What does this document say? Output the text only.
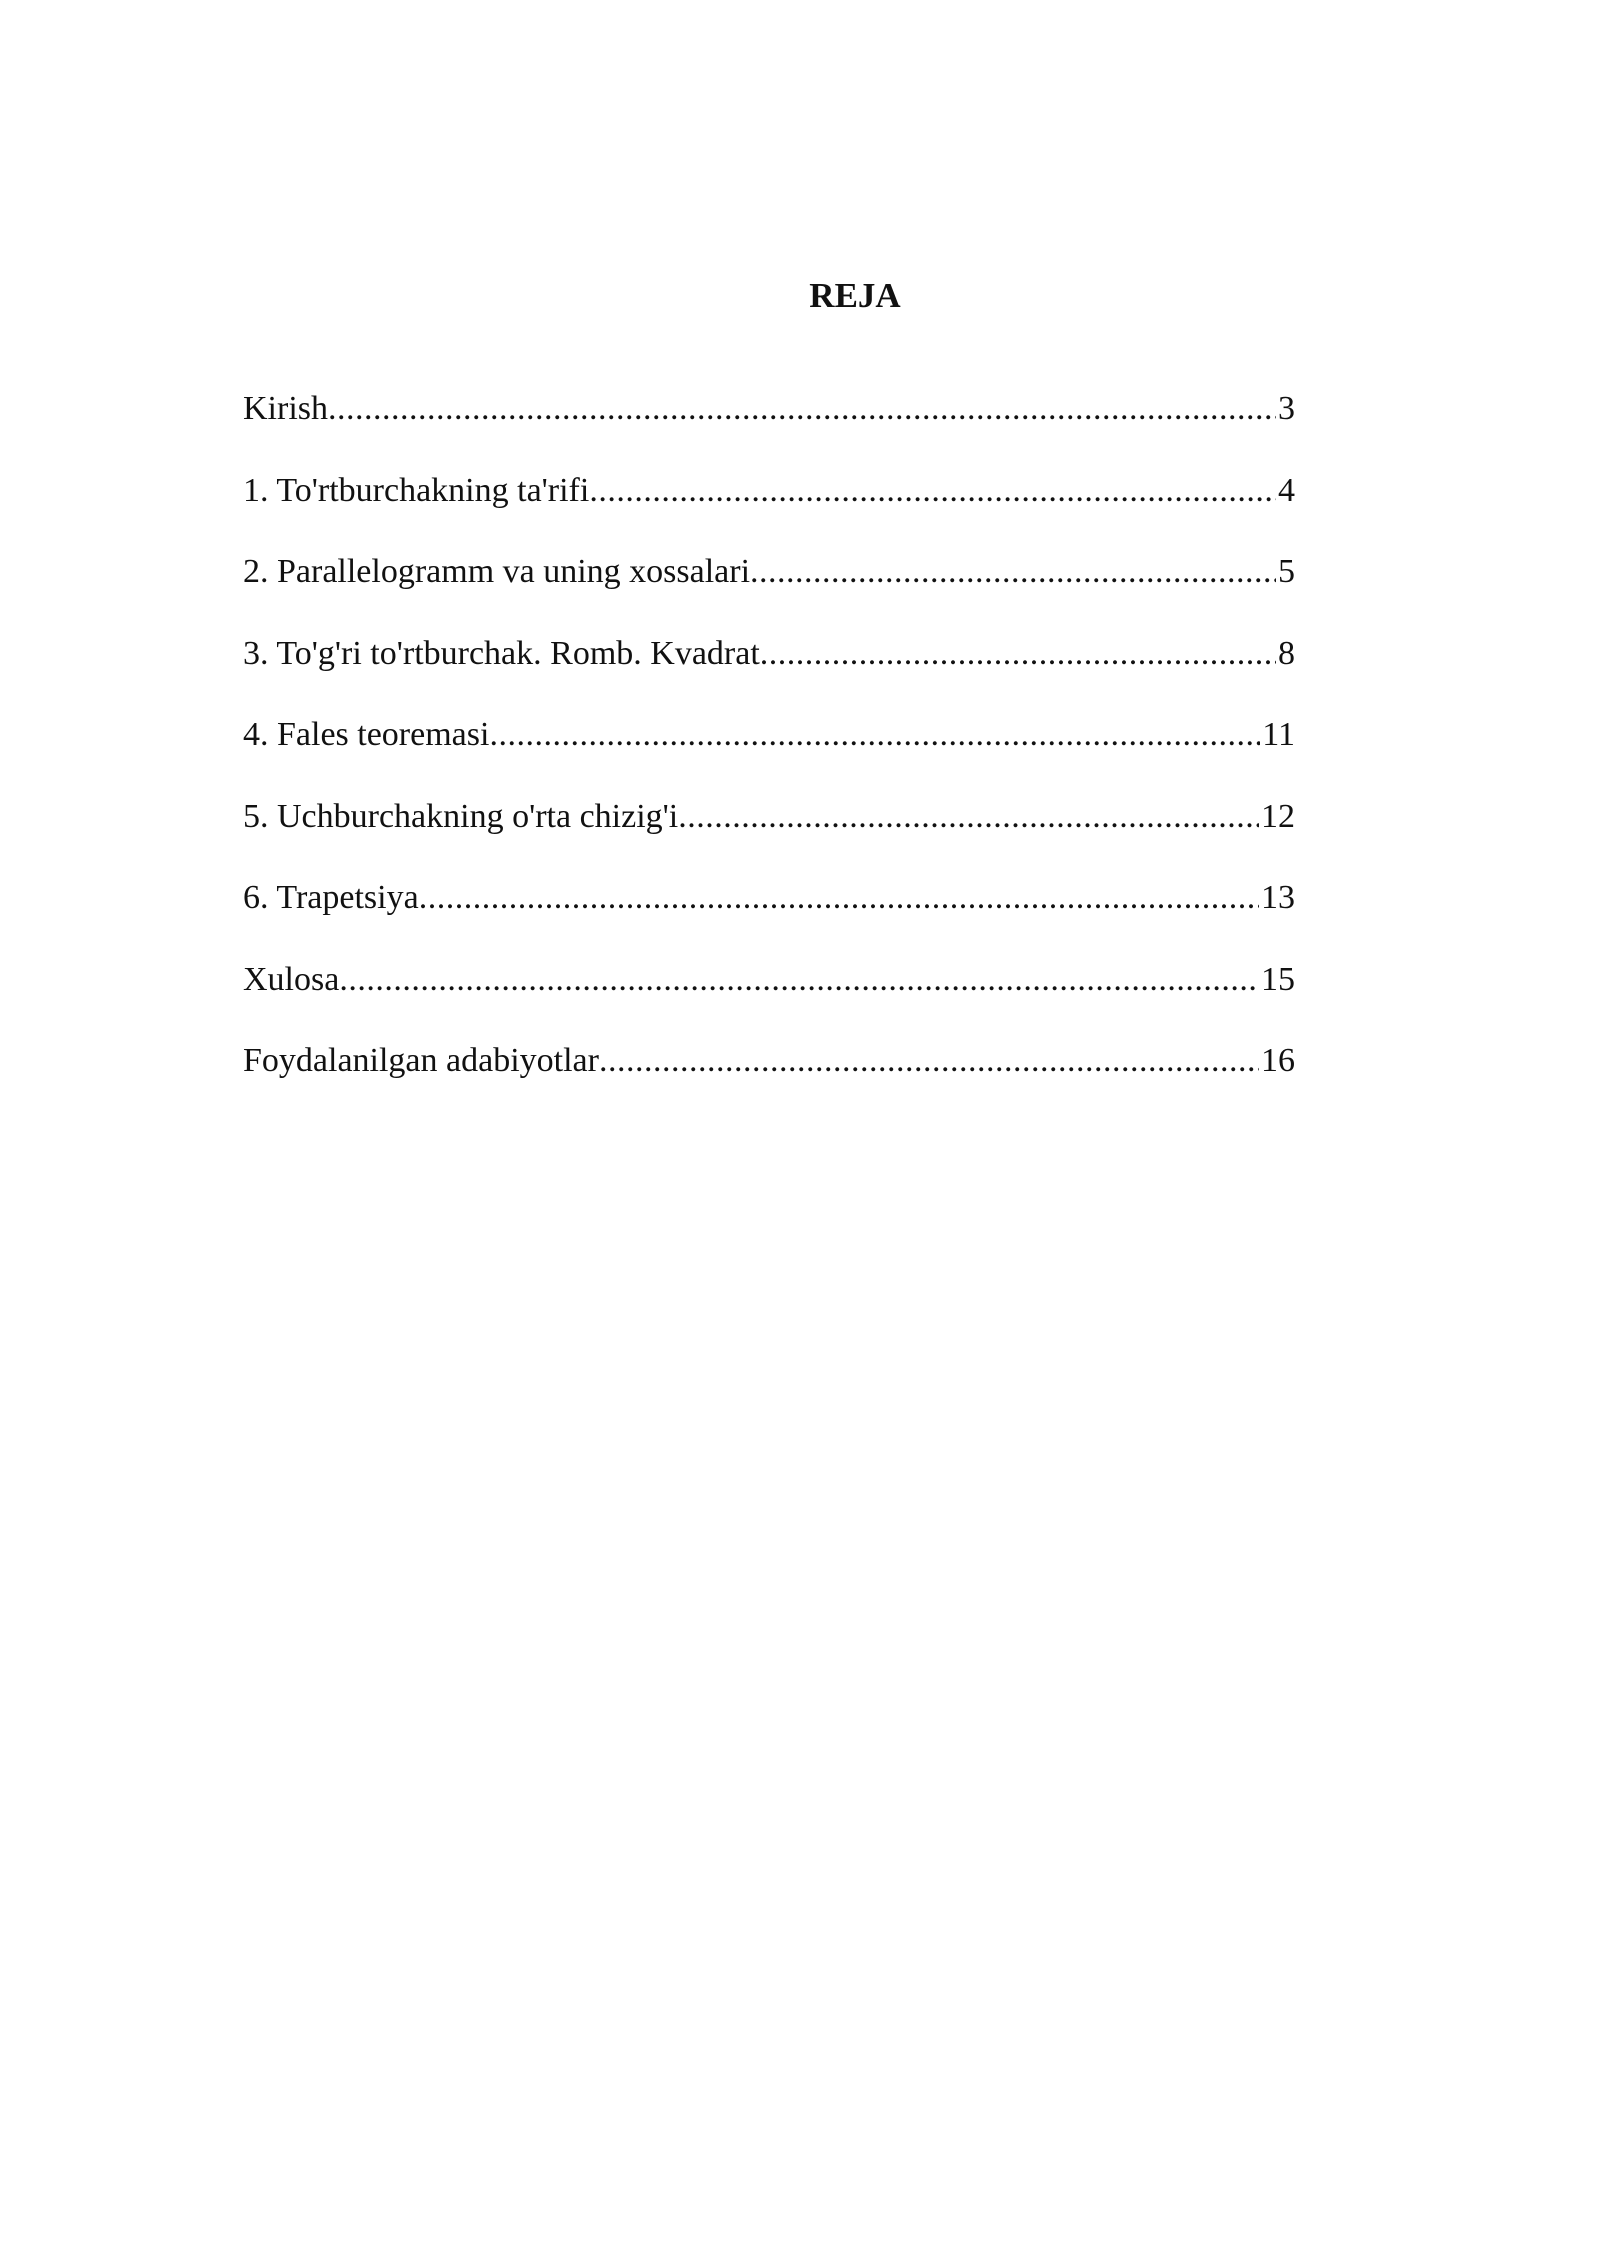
REJA
Kirish .....	3
1. To'rtburchakning ta'rifi .....	4
2. Parallelogramm va uning xossalari .....	5
3. To'g'ri to'rtburchak. Romb. Kvadrat .....	8
4. Fales teoremasi .....	11
5. Uchburchakning o'rta chizig'i .....	12
6. Trapetsiya .....	13
Xulosa .....	15
Foydalanilgan adabiyotlar .....	16
